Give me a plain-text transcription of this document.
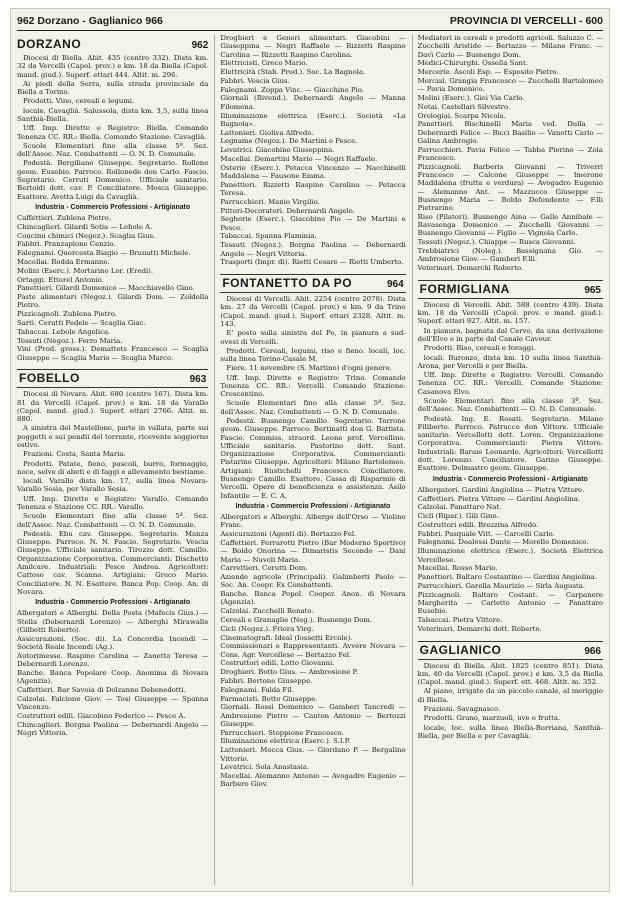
962 Dorzano - Gaglianico 966	PROVINCIA DI VERCELLI - 600
DORZANO	962
Diocesi di Biella. Abit. 435 (centro 332). Dista km. 32 da Vercelli (Capol. prov.) e km. 18 da Biella (Capol. mand. giud.). Superf. ettari 444. Altit. m. 296.
Ai piedi della Serra, sulla strada provinciale da Biella a Torino.
Prodotti. Vino, cereali e legumi.
locale. Cavaglià. Salussola, dista km. 3,5, sulla linea Santhià-Biella.
Uff. Imp. Dirette e Registro: Biella. Comando Tenenza CC. RR.: Biella. Comando Stazione: Cavaglià.
Scuole Elementari fino alla classe 5ª. Sez. dell'Assoc. Naz. Combattenti — O. N. D. Comunale.
Podestà. Bergiliano Giuseppe. Segretario. Rollone geom. Eusebio. Parroco. Rollonede don Carlo. Fascio. Segretario. Cerruti Domenico. Ufficiale sanitario. Bertoldi dott. cav. P. Conciliatore. Mosca Giuseppe. Esattore. Avetta Luigi da Cavaglià.
Industria - Commercio Professioni - Artigianato
Caffettieri. Zublena Pietro.
Chincaglieri. Gilardi Sotia — Lebole A.
Concimi chimici (Negoz.). Scaglia Gius.
Fabbri. Pranzaplone Cenzio.
Falegnami. Quercesta Biagio — Brunatti Michele.
Macellai. Rodda Ermanno.
Molini (Eserc.). Mortarino Lor. (Eredi).
Ortaggi. Ettorel Antonio.
Panettieri. Gilardi Domenico — Macchiavello Gino.
Paste alimentari (Negoz.). Gilardi Dom. — Zoldella Pietro.
Pizzicagnoli. Zublena Pietro.
Sarti. Cerutti Fedele — Scaglia Giac.
Tabaccai. Lebole Angelica.
Tessuti (Negoz.). Ferro Maria.
Vini (Prod. gross.). Demattets Francesco — Scaglia Giuseppe — Scaglia Mario — Scaglia Marco.
FOBELLO	963
Diocesi di Novara. Abit. 680 (centro 167). Dista km. 81 da Vercelli (Capol. prov.) e km. 18 da Varallo (Capol. mand. giud.). Superf. ettari 2766. Altit. m. 880.
A sinistra del Mastellone, parte in vallata, parte sui poggetti e sui pendii del torrente, ricevente soggiorno estivo.
Frazioni. Costa, Santa Maria.
Prodotti. Patate, fieno, pascoli, burro, formaggio, noce, selve di abeti e di faggi e allevamento bestiame.
locali. Varallo dista km. 17, sulla linea Novara-Varallo Sesia, per Varallo Sesia.
Uff. Imp. Dirette e Registro: Varallo. Comando Tenenza e Stazione CC. RR.: Varallo.
Scuole Elementari fino alla classe 5ª. Sez. dell'Assoc. Naz. Combattenti — O. N. D. Comunale.
Podestà. Ebu cav. Giuseppe. Segretario. Manza Giuseppe. Parroco. N. N. Fascio. Segretario. Vescia Giuseppe. Ufficiale sanitario. Tirozzo dott. Camillo. Organizzazione Corporativa. Commercianti: Dischetto Amilcare. Industriali: Pesce Andrea. Agricoltori: Cattoso cav. Scanno. Artigiani: Greco Mario. Conciliatore. N. N. Esattore. Banca Pop. Coop. An. di Novara.
Industria - Commercio Professioni - Artigianato
Albergatori e Alberghi. Della Posta (Mafecis Gius.) — Stella (Debernardi Lorenzo) — Alberghi Mirawalle (Gilbetti Roberto).
Assicurazioni. (Soc. di). La Concordia Incendi — Società Reale Incendi (Ag.).
Autorimesse. Raspino Carolina — Zanetta Teresa — Debernardi Lorenzo.
Banche. Banca Popolare Coop. Anonima di Novara (Agenzia).
Caffettieri. Bar Savoia di Dolzanno Debenedetti.
Calzolai. Falcione Giov. — Tosi Giuseppe — Spanna Vincenzo.
Costruttori edili. Giacobino Federico — Pesce A.
Chincaglieri. Borgna Paolina — Debernardi Angelo — Negri Vittoria.
Droghieri e Generi alimentari. Giacobini — Giuseppina — Negri Raffaele — Rizzetti Raspino Carolina — Rizzetti Raspino Carolina.
Elettricisti. Greco Mario.
Elettricità (Stab. Prod.). Soc. La Bagnola.
Fabbri. Vescia Gius.
Falegnami. Zoppa Vinc. — Giacchino Pio.
Giornali (Rivend.). Debernardi Angelo — Manna Filomena.
Illuminazione elettrica (Eserc.). Società «La Bagnola».
Lattonieri. Gioliva Alfredo.
Legname (Negoz.). De Martini e Pesce.
Levatrici. Giacobino Giuseppina.
Macellai. Demartini Mario — Negri Raffaele.
Osterie (Eserc.). Petacca Vincenzo — Nacchinelli Maddalena — Fausone Emma.
Panettieri. Rizzetti Raspino Carolina — Petacca Teresa.
Parrucchieri. Manio Virgilio.
Pittori-Decoratori. Debernardi Angelo.
Segherie (Eserc.). Giacobino Pio — De Martini e Pesce.
Tabaccai. Spanna Flaminia.
Tessuti (Negoz.). Borgna Paolina — Debernardi Angelo — Negri Vittoria.
Trasporti (Impr. di). Rietti Cesare — Rietti Umberto.
FONTANETTO DA PO	964
Diocesi di Vercelli. Abit. 2254 (centro 2078). Dista km. 27 da Vercelli (Capol. prov.) e km. 9 da Trino (Capol. mand. giud.). Superf. ettari 2328. Altit. m. 143.
E' posto sulla sinistra del Po, in pianura a sud-ovest di Vercelli.
Prodotti. Cereali, legumi, riso e fieno. locali, loc. sulla linea Torino-Casale M.
Fiere. 11 novembre (S. Martino) d'ogni genere.
Uff. Imp. Dirette e Registro: Trino. Comando Tenenza CC. RR.: Vercelli. Comando Stazione: Crescentino.
Scuole Elementari fino alla classe 5ª. Sez. dell'Assoc. Naz. Combattenti — O. N. D. Comunale.
Podestà. Busnengo Camillo. Segretario. Terrone geom. Giuseppe. Parroco. Bertinatti don G. Battista. Fascio. Commiss. straord. Leone prof. Vercellino. Ufficiale sanitario. Pastorino dott. Sant. Organizzazione Corporativa. Commercianti: Pistarino Giuseppe. Agricoltori: Milano Bartolomeo. Artigiani: Rustichelli Francesco. Conciliatore. Busnengo Camillo. Esattore. Cassa di Risparmio di Vercelli. Opere di beneficienza e assistenza. Asilo Infantile — E. C. A.
Industria - Commercio Professioni - Artigianato
Albergatori e Alberghi. Albergo dell'Orso — Violino Franc.
Assicurazioni (Agenti di). Bertazzo Fel.
Caffettieri. Ferrarotti Pietro (Bar Moderno Sportivo) — Boldo Onorina — Dimaristis Secondo — Dani Maria — Nuvoli Maria.
Carrettieri. Cerutti Dom.
Aziende agricole (Principali). Galimberti Paolo — Soc. An. Coopr. Ex Combattenti.
Banche. Banca Popol. Cooper. Anon. di Novara (Agenzia).
Calzolai. Zucchelli Renato.
Cereali e Granaglie (Neg.). Busnengo Dom.
Cicli (Negoz.). Friora Virg.
Cinematografi. Ideal (Iossetti Ercole).
Commissionari e Rappresentanti. Avvere Novara — Cons. Agr. Vercellese — Bertazzo Fel.
Costruttori edili. Lotto Giovanni.
Droghieri. Botto Gius. — Ambrosione P.
Fabbri. Bertone Giuseppe.
Falegnami. Falda Fil.
Farmacisti. Botto Giuseppe.
Giornali. Rossi Domenico — Gamberi Tancredi — Ambrosione Pietro — Canton Antonio — Bertozzi Giuseppe.
Parrucchieri. Stoppione Francesco.
Illuminazione elettrica (Eserc.). S.I.P.
Lattonieri. Mocca Gius. — Giordano P. — Bergalino Vittorio.
Levatrici. Sola Anastasia.
Macellai. Alemanno Antonio — Avogadro Eugenio — Barbero Giov.
Mediatori in cereali e prodotti agricoli. Saluzzo C. — Zucchelli Aristide — Bertazzo — Milano Franc. — Davì Carlo — Busnengo Dom.
Medici-Chirurghi. Ossella Sant.
Mercerie. Ascoli Esp. — Esposito Pietro.
Mercial. Grangia Francesco — Zucchelli Bartolomeo — Pavia Domenico.
Molini (Eserc.). Gioi Via Carlo.
Notai. Castellari Silvestro.
Orologiai. Scarpa Nicola.
Panettieri. Bischinelli Maria ved. Dulla — Debernardi Felice — Bicci Basilio — Vanotti Carlo — Galina Ambrogio.
Parrucchieri. Pavia Felice — Tabba Pierino — Zola Francesco.
Pizzicagnoli. Barberis Giovanni — Triverri Francesco — Calcone Giuseppe — Imerone Maddalena (frutta e verdura) — Avogadro Eugenio — Alemanno Ant. — Mazzucco Giuseppe — Busnengo Maria — Boldo Defendente — F.lli Pietrarino.
Riso (Pilatori). Busnengo Aina — Galle Annibale — Ravasenga Domenico — Zucchelli Giovanni — Busnengo Giovanni — Figlio — Vignola Carlo.
Tessuti (Negoz.). Chiappe — Rusca Giovanni.
Trebbiatrici (Noleg.). Bassignana Gio. — Ambrosione Giov. — Gamberi F.lli.
Veterinari. Demarchi Roberto.
FORMIGLIANA	965
Diocesi di Vercelli. Abit. 588 (centro 439). Dista km. 18 da Vercelli (Capol. prov. e mand. giud.). Superf. ettari 927. Altit. m. 157.
In pianura, bagnata dal Cervo, da una derivazione dell'Elvo e in parte dal Canale Cavour.
Prodotti. Riso, cereali e foraggi.
locali. Buronzo, dista km. 10 sulla linea Santhià-Arona, per Vercelli e per Biella.
Uff. Imp. Dirette e Registro: Vercelli. Comando Tenenza CC. RR.: Vercelli. Comando Stazione: Casanova Elvo.
Scuole Elementari fino alla classe 3ª. Sez. dell'Assoc. Naz. Combattenti — O. N. D. Comunale.
Podestà. Ing. E. Rosati. Segretario. Milano Filiberto. Parroco. Patrucco don Vittore. Ufficiale sanitario. Vercellotti dott. Loren. Organizzazione Corporativa. Commercianti: Pietra Vittore. Industriali: Baraie Leonardo. Agricoltori: Vercellotti dott. Lorenzo. Conciliatore. Garino Giuseppe. Esattore. Delmastro geom. Giuseppe.
Industria - Commercio Professioni - Artigianato
Albergatori. Gardini Angiolina — Pietra Vittore.
Caffettieri. Pietra Vittore — Gardini Angiolina.
Calzolai. Panattaro Nat.
Cicli (Ripar.). Gili Gino.
Costruttori edili. Brezzina Alfredo.
Fabbri. Pasquale Vitt. — Carcelli Carlo.
Falegnami. Dealessi Dante — Morello Domenico.
Illuminazione elettrica (Eserc.). Società Elettrica Vercellese.
Macellai. Rosso Mario.
Panettieri. Baltaro Costantino — Gardini Angiolina.
Parrucchieri. Garella Maurizio — Sirla Augusta.
Pizzicagnoli. Baltaro Costant. — Carpanere Margherita — Carletto Antonio — Panattaro Eusebio.
Tabaccai. Pietra Vittore.
Veterinari. Demarchi dott. Roberto.
GAGLIANICO	966
Diocesi di Biella. Abit. 1825 (centro 851). Dista km. 40 da Vercelli (Capol. prov.) e km. 3,5 da Biella (Capol. mand. giud.). Superf. ett. 468. Altit. m. 352.
Al piano, irrigato da un piccolo canale, al meriggio di Biella.
Frazioni. Savagnasco.
Prodotti. Grano, marzuoli, uve e frutta.
locale, loc. sulla linea Biella-Borriana, Santhià-Biella, per Biella e per Cavaglià.
